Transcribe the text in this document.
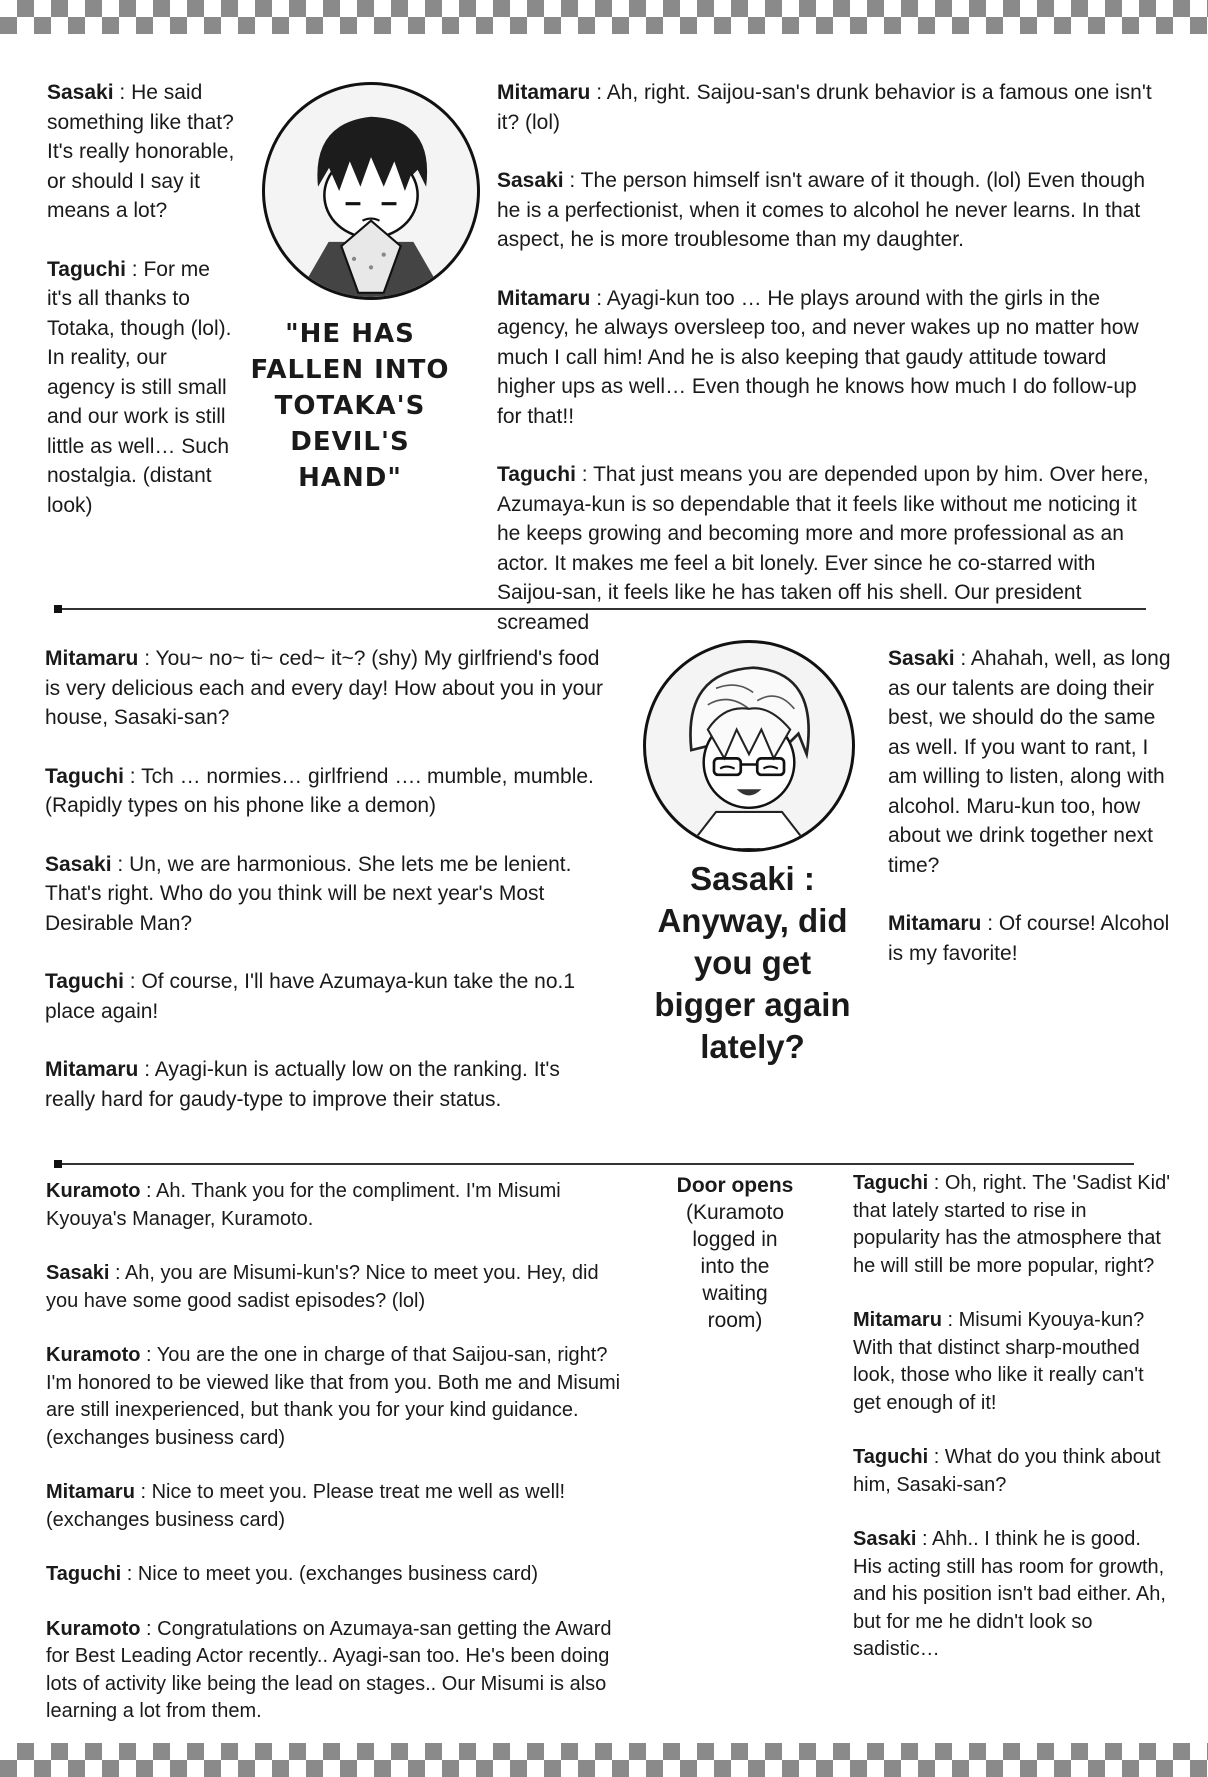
Sasaki : He said something like that? It's really honorable, or should I say it means a lot?

Taguchi : For me it's all thanks to Totaka, though (lol). In reality, our agency is still small and our work is still little as well… Such nostalgia. (distant look)

"HE HAS FALLEN INTO TOTAKA'S DEVIL'S HAND"

Mitamaru : Ah, right. Saijou-san's drunk behavior is a famous one isn't it? (lol)

Sasaki : The person himself isn't aware of it though. (lol) Even though he is a perfectionist, when it comes to alcohol he never learns. In that aspect, he is more troublesome than my daughter.

Mitamaru : Ayagi-kun too … He plays around with the girls in the agency, he always oversleep too, and never wakes up no matter how much I call him! And he is also keeping that gaudy attitude toward higher ups as well… Even though he knows how much I do follow-up for that!!

Taguchi : That just means you are depended upon by him. Over here, Azumaya-kun is so dependable that it feels like without me noticing it he keeps growing and becoming more and more professional as an actor. It makes me feel a bit lonely. Ever since he co-starred with Saijou-san, it feels like he has taken off his shell. Our president screamed

Mitamaru : You~ no~ ti~ ced~ it~? (shy) My girlfriend's food is very delicious each and every day! How about you in your house, Sasaki-san?

Taguchi : Tch … normies… girlfriend …. mumble, mumble. (Rapidly types on his phone like a demon)

Sasaki : Un, we are harmonious. She lets me be lenient. That's right. Who do you think will be next year's Most Desirable Man?

Taguchi : Of course, I'll have Azumaya-kun take the no.1 place again!

Mitamaru : Ayagi-kun is actually low on the ranking. It's really hard for gaudy-type to improve their status.

Sasaki : Anyway, did you get bigger again lately?

Sasaki : Ahahah, well, as long as our talents are doing their best, we should do the same as well. If you want to rant, I am willing to listen, along with alcohol. Maru-kun too, how about we drink together next time?

Mitamaru : Of course! Alcohol is my favorite!

Kuramoto : Ah. Thank you for the compliment. I'm Misumi Kyouya's Manager, Kuramoto.

Sasaki : Ah, you are Misumi-kun's? Nice to meet you. Hey, did you have some good sadist episodes? (lol)

Kuramoto : You are the one in charge of that Saijou-san, right? I'm honored to be viewed like that from you. Both me and Misumi are still inexperienced, but thank you for your kind guidance. (exchanges business card)

Mitamaru : Nice to meet you. Please treat me well as well! (exchanges business card)

Taguchi : Nice to meet you. (exchanges business card)

Kuramoto : Congratulations on Azumaya-san getting the Award for Best Leading Actor recently.. Ayagi-san too. He's been doing lots of activity like being the lead on stages.. Our Misumi is also learning a lot from them.

Door opens
(Kuramoto logged in into the waiting room)

Taguchi : Oh, right. The 'Sadist Kid' that lately started to rise in popularity has the atmosphere that he will still be more popular, right?

Mitamaru : Misumi Kyouya-kun? With that distinct sharp-mouthed look, those who like it really can't get enough of it!

Taguchi : What do you think about him, Sasaki-san?

Sasaki : Ahh.. I think he is good. His acting still has room for growth, and his position isn't bad either. Ah, but for me he didn't look so sadistic…
